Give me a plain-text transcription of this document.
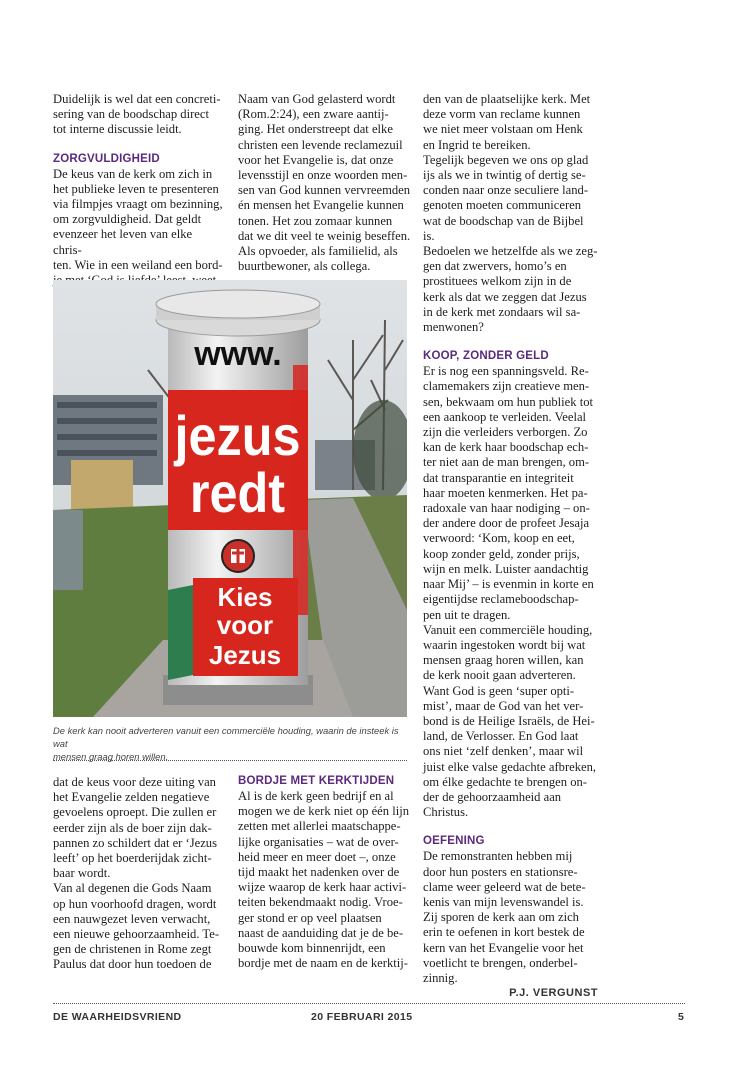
Duidelijk is wel dat een concreti-
sering van de boodschap direct
tot interne discussie leidt.

ZORGVULDIGHEID

De keus van de kerk om zich in
het publieke leven te presenteren
via filmpjes vraagt om bezinning,
om zorgvuldigheid. Dat geldt
evenzeer het leven van elke chris-
ten. Wie in een weiland een bord-

Naam van God gelasterd wordt
(Rom.2:24), een zware aantij-
ging. Het onderstreept dat elke
christen een levende reclamezuil
voor het Evangelie is, dat onze
levensstijl en onze woorden men-
sen van God kunnen vervreemden
én mensen het Evangelie kunnen
tonen. Het zou zomaar kunnen
dat we dit veel te weinig beseffen.
Als opvoeder, als familielid, als
buurtbewoner, als collega.

den van de plaatselijke kerk. Met
deze vorm van reclame kunnen
we niet meer volstaan om Henk
en Ingrid te bereiken.
Tegelijk begeven we ons op glad
ijs als we in twintig of dertig se-
conden naar onze seculiere land-
genoten moeten communiceren
wat de boodschap van de Bijbel is.
Bedoelen we hetzelfde als we zeg-
gen dat zwervers, homo’s en
prostituees welkom zijn in de
kerk als dat we zeggen dat Jezus
in de kerk met zondaars wil sa-
menwonen?

KOOP, ZONDER GELD

Er is nog een spanningsveld. Re-
clamemakers zijn creatieve men-
sen, bekwaam om hun publiek tot
een aankoop te verleiden. Veelal
zijn die verleiders verborgen. Zo
kan de kerk haar boodschap ech-
ter niet aan de man brengen, om-
dat transparantie en integriteit
haar moeten kenmerken. Het pa-
radoxale van haar nodiging – on-
der andere door de profeet Jesaja
verwoord: ‘Kom, koop en eet,
koop zonder geld, zonder prijs,
wijn en melk. Luister aandachtig
naar Mij’ – is evenmin in korte en
eigentijdse reclameboodschap-
pen uit te dragen.
Vanuit een commerciële houding,
waarin ingestoken wordt bij wat
mensen graag horen willen, kan
de kerk nooit gaan adverteren.
Want God is geen ‘super opti-
mist’, maar de God van het ver-
bond is de Heilige Israëls, de Hei-
land, de Verlosser. En God laat
ons niet ‘zelf denken’, maar wil
juist elke valse gedachte afbreken,
om élke gedachte te brengen on-
der de gehoorzaamheid aan
Christus.

OEFENING

De remonstranten hebben mij
door hun posters en stationsre-
clame weer geleerd wat de bete-
kenis van mijn levenswandel is.
Zij sporen de kerk aan om zich
erin te oefenen in kort bestek de
kern van het Evangelie voor het
voetlicht te brengen, onderbel-
zinnig.

P.J. VERGUNST

www.
jezus
redt
Kies
voor
Jezus
De kerk kan nooit adverteren vanuit een commerciële houding, waarin de insteek is wat
mensen graag horen willen.

dat de keus voor deze uiting van
het Evangelie zelden negatieve
gevoelens oproept. Die zullen er
eerder zijn als de boer zijn dak-
pannen zo schildert dat er ‘Jezus
leeft’ op het boerderijdak zicht-
baar wordt.
Van al degenen die Gods Naam
op hun voorhoofd dragen, wordt
een nauwgezet leven verwacht,
een nieuwe gehoorzaamheid. Te-
gen de christenen in Rome zegt
Paulus dat door hun toedoen de

BORDJE MET KERKTIJDEN

Al is de kerk geen bedrijf en al
mogen we de kerk niet op één lijn
zetten met allerlei maatschappe-
lijke organisaties – wat de over-
heid meer en meer doet –, onze
tijd maakt het nadenken over de
wijze waarop de kerk haar activi-
teiten bekendmaakt nodig. Vroe-
ger stond er op veel plaatsen
naast de aanduiding dat je de be-
bouwde kom binnenrijdt, een
bordje met de naam en de kerktij-

DE WAARHEIDSVRIEND	20 FEBRUARI 2015	5
